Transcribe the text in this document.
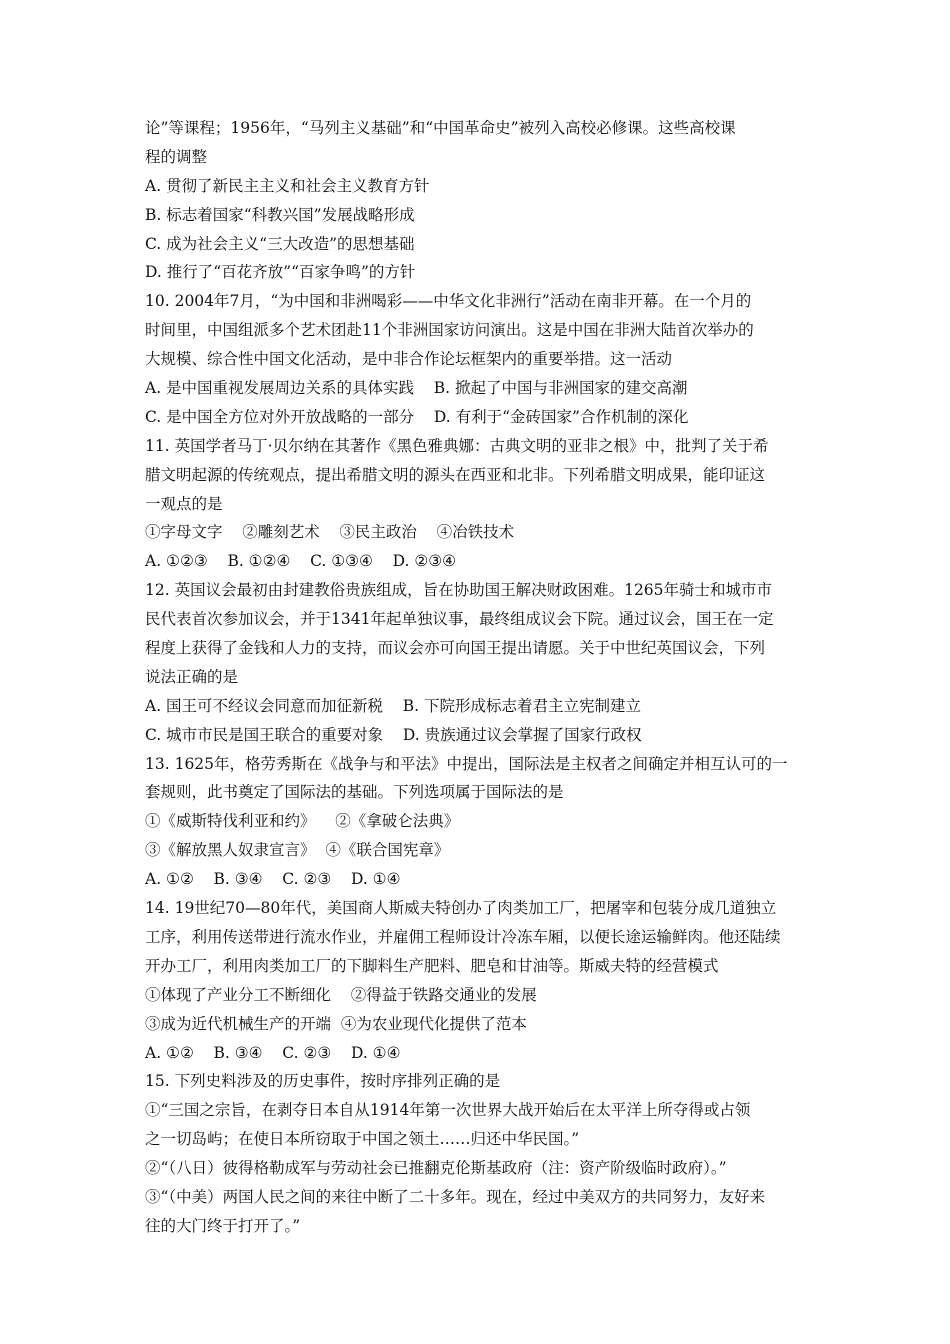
论”等课程；1956年，“马列主义基础”和“中国革命史”被列入高校必修课。这些高校课
程的调整
A. 贯彻了新民主主义和社会主义教育方针
B. 标志着国家“科教兴国”发展战略形成
C. 成为社会主义“三大改造”的思想基础
D. 推行了“百花齐放”“百家争鸣”的方针
10. 2004年7月，“为中国和非洲喝彩——中华文化非洲行”活动在南非开幕。在一个月的
时间里，中国组派多个艺术团赴11个非洲国家访问演出。这是中国在非洲大陆首次举办的
大规模、综合性中国文化活动，是中非合作论坛框架内的重要举措。这一活动
A. 是中国重视发展周边关系的具体实践    B. 掀起了中国与非洲国家的建交高潮
C. 是中国全方位对外开放战略的一部分    D. 有利于“金砖国家”合作机制的深化
11. 英国学者马丁·贝尔纳在其著作《黑色雅典娜：古典文明的亚非之根》中，批判了关于希
腊文明起源的传统观点，提出希腊文明的源头在西亚和北非。下列希腊文明成果，能印证这
一观点的是
①字母文字    ②雕刻艺术    ③民主政治    ④冶铁技术
A. ①②③    B. ①②④    C. ①③④    D. ②③④
12. 英国议会最初由封建教俗贵族组成，旨在协助国王解决财政困难。1265年骑士和城市市
民代表首次参加议会，并于1341年起单独议事，最终组成议会下院。通过议会，国王在一定
程度上获得了金钱和人力的支持，而议会亦可向国王提出请愿。关于中世纪英国议会，下列
说法正确的是
A. 国王可不经议会同意而加征新税    B. 下院形成标志着君主立宪制建立
C. 城市市民是国王联合的重要对象    D. 贵族通过议会掌握了国家行政权
13. 1625年，格劳秀斯在《战争与和平法》中提出，国际法是主权者之间确定并相互认可的一
套规则，此书奠定了国际法的基础。下列选项属于国际法的是
①《威斯特伐利亚和约》    ②《拿破仑法典》
③《解放黑人奴隶宣言》  ④《联合国宪章》
A. ①②    B. ③④    C. ②③    D. ①④
14. 19世纪70—80年代，美国商人斯威夫特创办了肉类加工厂，把屠宰和包装分成几道独立
工序，利用传送带进行流水作业，并雇佣工程师设计冷冻车厢，以便长途运输鲜肉。他还陆续
开办工厂，利用肉类加工厂的下脚料生产肥料、肥皂和甘油等。斯威夫特的经营模式
①体现了产业分工不断细化    ②得益于铁路交通业的发展
③成为近代机械生产的开端  ④为农业现代化提供了范本
A. ①②    B. ③④    C. ②③    D. ①④
15. 下列史料涉及的历史事件，按时序排列正确的是
①“三国之宗旨，在剥夺日本自从1914年第一次世界大战开始后在太平洋上所夺得或占领
之一切岛屿；在使日本所窃取于中国之领土……归还中华民国。”
②“（八日）彼得格勒成军与劳动社会已推翻克伦斯基政府（注：资产阶级临时政府）。”
③“（中美）两国人民之间的来往中断了二十多年。现在，经过中美双方的共同努力，友好来
往的大门终于打开了。”
